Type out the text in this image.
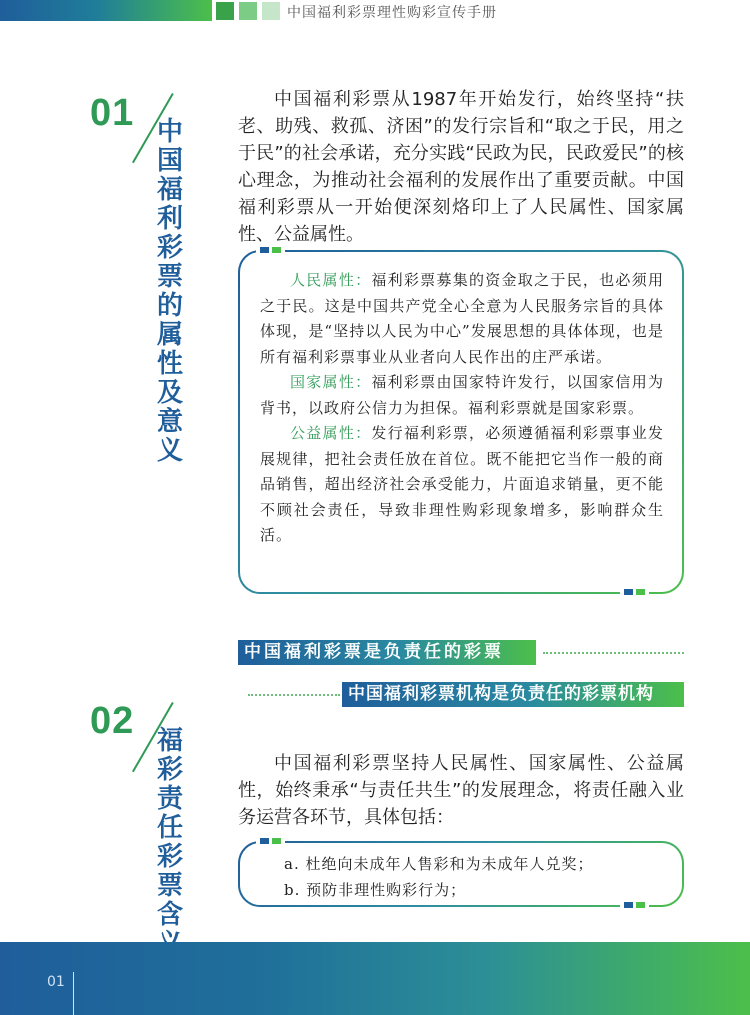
中国福利彩票理性购彩宣传手册
01 中国福利彩票的属性及意义
中国福利彩票从1987年开始发行，始终坚持“扶老、助残、救孤、济困”的发行宗旨和“取之于民，用之于民”的社会承诺，充分实践“民政为民，民政爱民”的核心理念，为推动社会福利的发展作出了重要贡献。中国福利彩票从一开始便深刻烙印上了人民属性、国家属性、公益属性。
人民属性：福利彩票募集的资金取之于民，也必须用之于民。这是中国共产党全心全意为人民服务宗旨的具体体现，是“坚持以人民为中心”发展思想的具体体现，也是所有福利彩票事业从业者向人民作出的庄严承诺。
国家属性：福利彩票由国家特许发行，以国家信用为背书，以政府公信力为担保。福利彩票就是国家彩票。
公益属性：发行福利彩票，必须遵循福利彩票事业发展规律，把社会责任放在首位。既不能把它当作一般的商品销售，超出经济社会承受能力，片面追求销量，更不能不顾社会责任，导致非理性购彩现象增多，影响群众生活。
中国福利彩票是负责任的彩票
中国福利彩票机构是负责任的彩票机构
02 福彩责任彩票含
中国福利彩票坚持人民属性、国家属性、公益属性，始终秉承“与责任共生”的发展理念，将责任融入业务运营各环节，具体包括：
a. 杜绝向未成年人售彩和为未成年人兑奖；
b. 预防非理性购彩行为；
01
